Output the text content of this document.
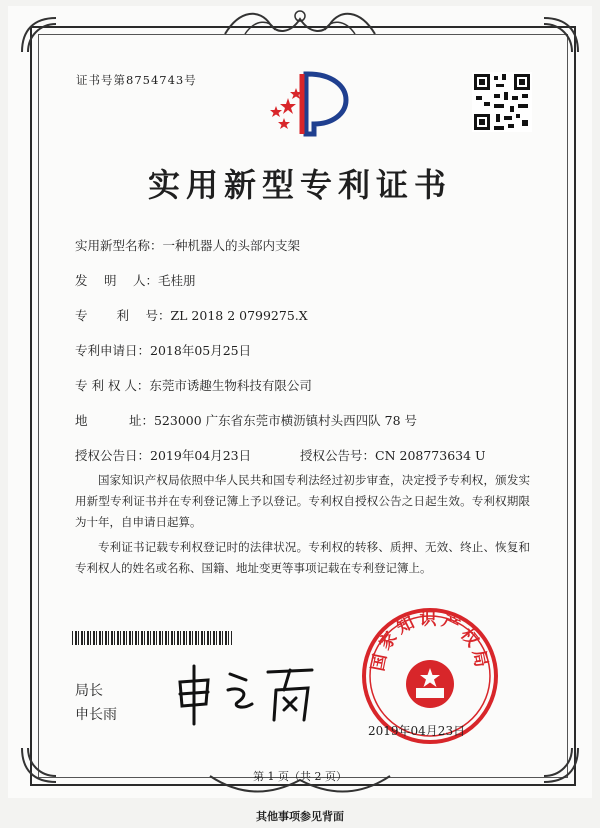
证书号第8754743号
实用新型专利证书
实用新型名称：一种机器人的头部内支架
发　 明　 人：毛桂朋
专　　 利　 号：ZL 2018 2 0799275.X
专利申请日：2018年05月25日
专 利 权 人：东莞市诱趣生物科技有限公司
地　　　 址：523000 广东省东莞市横沥镇村头西四队 78 号
授权公告日：2019年04月23日	授权公告号：CN 208773634 U
国家知识产权局依照中华人民共和国专利法经过初步审查，决定授予专利权，颁发实用新型专利证书并在专利登记簿上予以登记。专利权自授权公告之日起生效。专利权期限为十年，自申请日起算。
专利证书记载专利权登记时的法律状况。专利权的转移、质押、无效、终止、恢复和专利权人的姓名或名称、国籍、地址变更等事项记载在专利登记簿上。
局长
申长雨
国家知识产权局
2019年04月23日
第 1 页（共 2 页）
其他事项参见背面
